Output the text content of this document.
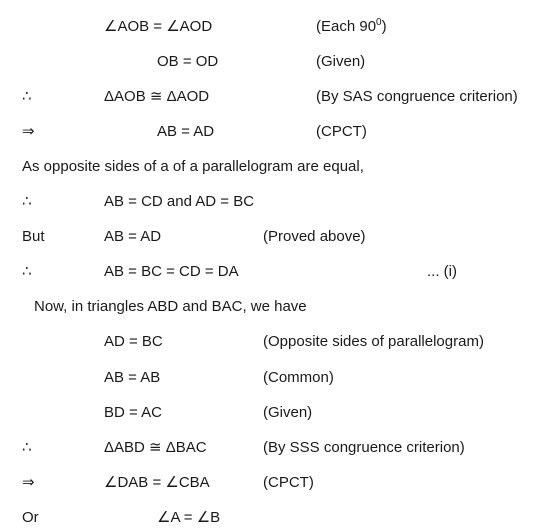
∠AOB = ∠AOD	(Each $90^0$)
OB = OD	(Given)
∴	ΔAOB ≅ ΔAOD	(By SAS congruence criterion)
⇒	AB = AD	(CPCT)
As opposite sides of a of a parallelogram are equal,
∴	AB = CD and AD = BC
But	AB = AD	(Proved above)
∴	AB = BC = CD = DA	... (i)
Now, in triangles ABD and BAC, we have
AD = BC	(Opposite sides of parallelogram)
AB = AB	(Common)
BD = AC	(Given)
∴	ΔABD ≅ ΔBAC	(By SSS congruence criterion)
⇒	∠DAB = ∠CBA	(CPCT)
Or	∠A = ∠B
